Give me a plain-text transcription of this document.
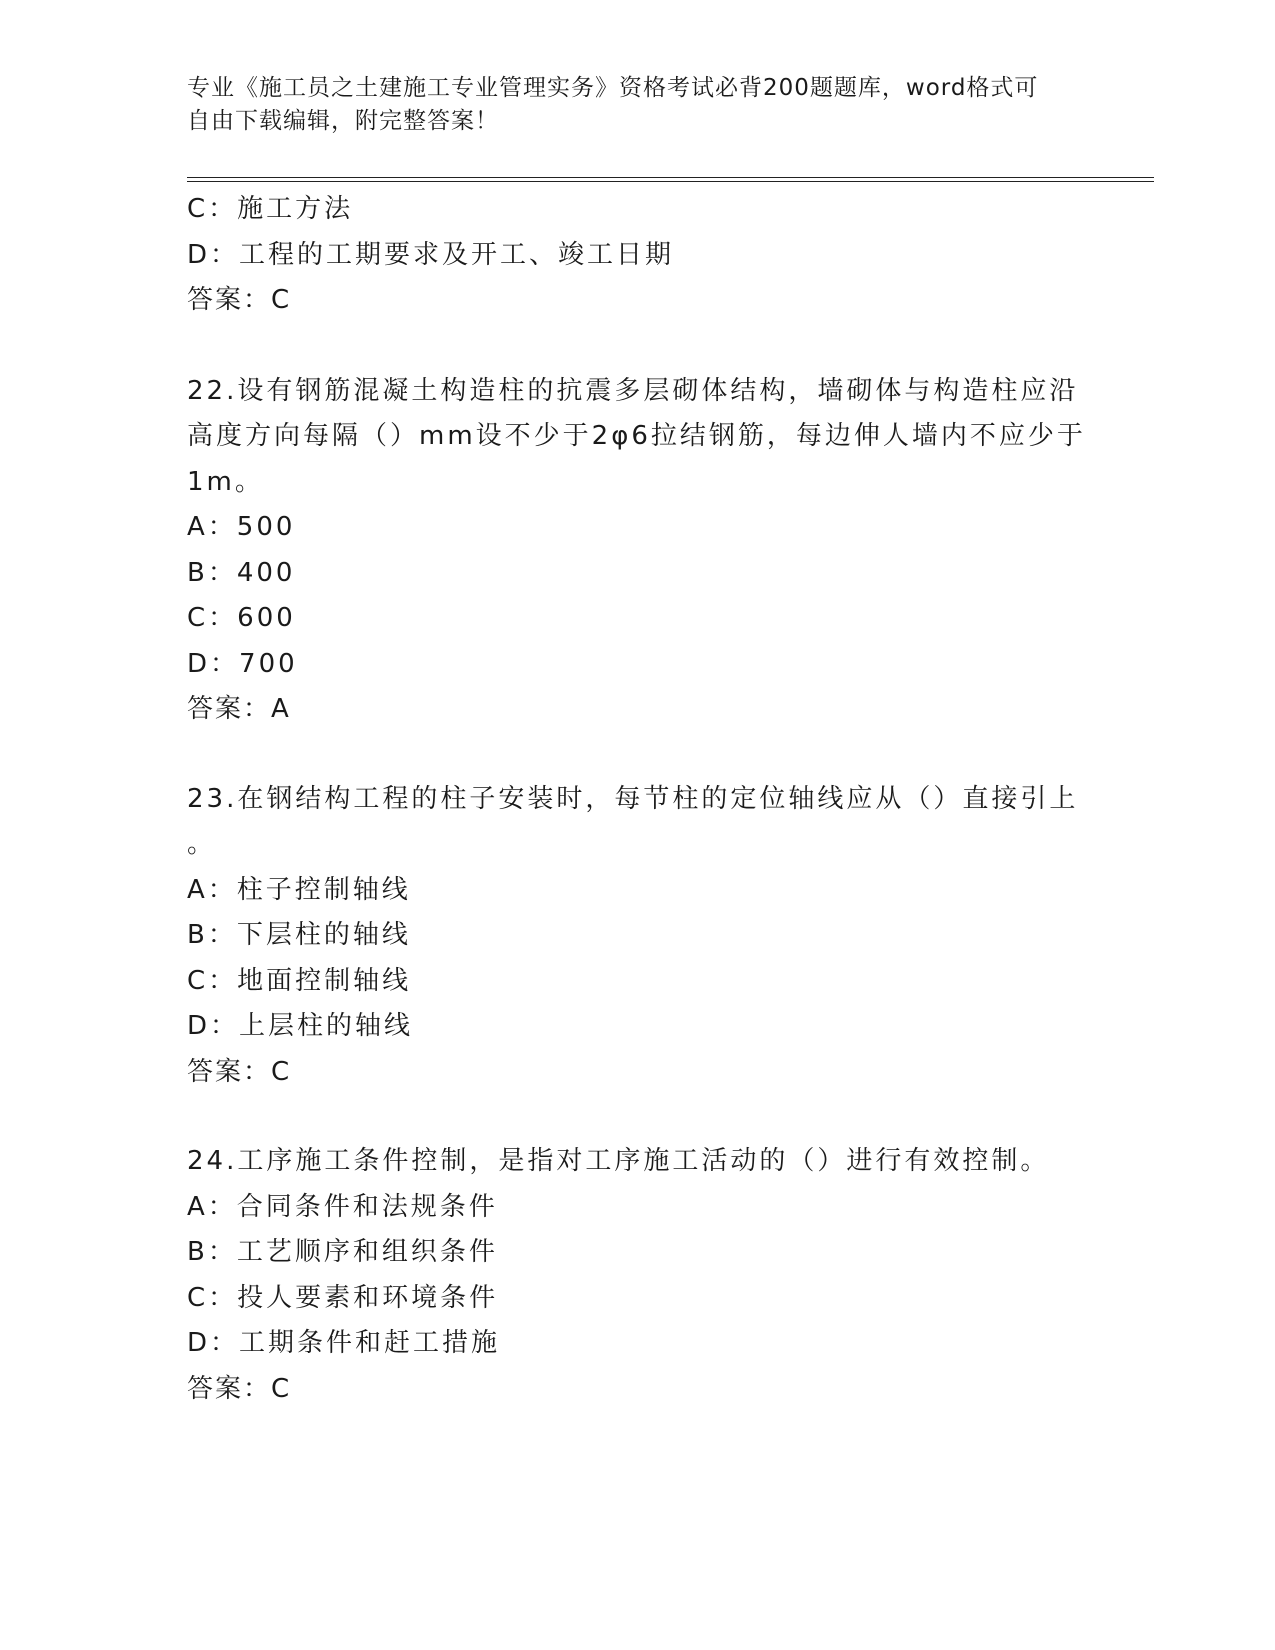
专业《施工员之土建施工专业管理实务》资格考试必背200题题库，word格式可
自由下载编辑，附完整答案！
C：施工方法
D：工程的工期要求及开工、竣工日期
答案：C
22.设有钢筋混凝土构造柱的抗震多层砌体结构，墙砌体与构造柱应沿
高度方向每隔（）mm设不少于2φ6拉结钢筋，每边伸人墙内不应少于
1m。
A：500
B：400
C：600
D：700
答案：A
23.在钢结构工程的柱子安装时，每节柱的定位轴线应从（）直接引上
。
A：柱子控制轴线
B：下层柱的轴线
C：地面控制轴线
D：上层柱的轴线
答案：C
24.工序施工条件控制，是指对工序施工活动的（）进行有效控制。
A：合同条件和法规条件
B：工艺顺序和组织条件
C：投人要素和环境条件
D：工期条件和赶工措施
答案：C
